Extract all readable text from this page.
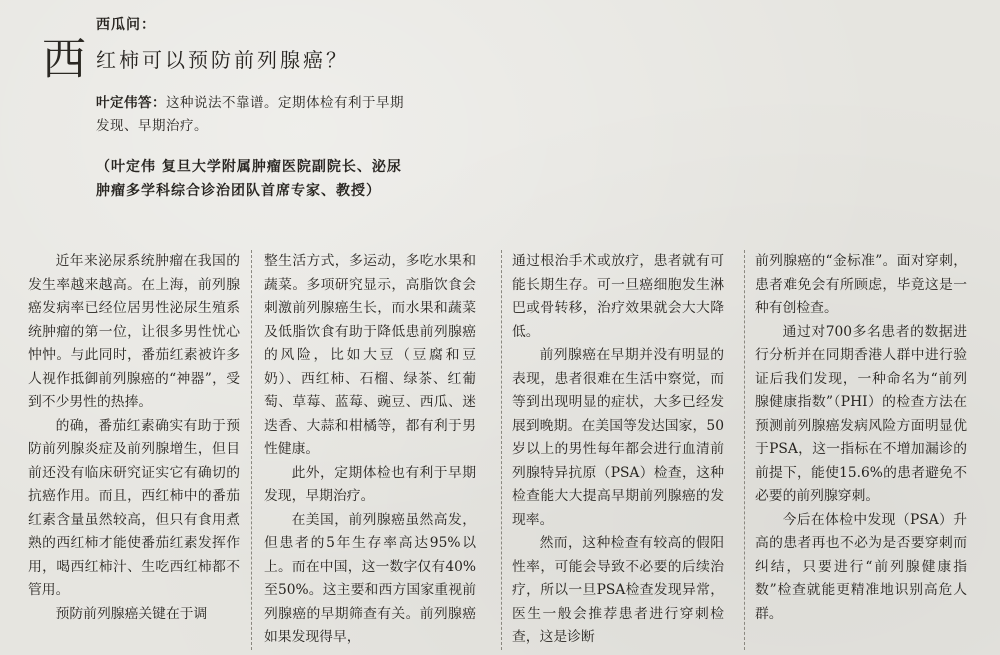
西
西瓜问：
红柿可以预防前列腺癌？
叶定伟答：这种说法不靠谱。定期体检有利于早期发现、早期治疗。
（叶定伟 复旦大学附属肿瘤医院副院长、泌尿肿瘤多学科综合诊治团队首席专家、教授）

近年来泌尿系统肿瘤在我国的发生率越来越高。在上海，前列腺癌发病率已经位居男性泌尿生殖系统肿瘤的第一位，让很多男性忧心忡忡。与此同时，番茄红素被许多人视作抵御前列腺癌的“神器”，受到不少男性的热捧。

的确，番茄红素确实有助于预防前列腺炎症及前列腺增生，但目前还没有临床研究证实它有确切的抗癌作用。而且，西红柿中的番茄红素含量虽然较高，但只有食用煮熟的西红柿才能使番茄红素发挥作用，喝西红柿汁、生吃西红柿都不管用。

预防前列腺癌关键在于调

整生活方式，多运动，多吃水果和蔬菜。多项研究显示，高脂饮食会刺激前列腺癌生长，而水果和蔬菜及低脂饮食有助于降低患前列腺癌的风险，比如大豆（豆腐和豆奶）、西红柿、石榴、绿茶、红葡萄、草莓、蓝莓、豌豆、西瓜、迷迭香、大蒜和柑橘等，都有利于男性健康。

此外，定期体检也有利于早期发现，早期治疗。

在美国，前列腺癌虽然高发，但患者的5年生存率高达95%以上。而在中国，这一数字仅有40%至50%。这主要和西方国家重视前列腺癌的早期筛查有关。前列腺癌如果发现得早，

通过根治手术或放疗，患者就有可能长期生存。可一旦癌细胞发生淋巴或骨转移，治疗效果就会大大降低。

前列腺癌在早期并没有明显的表现，患者很难在生活中察觉，而等到出现明显的症状，大多已经发展到晚期。在美国等发达国家，50岁以上的男性每年都会进行血清前列腺特异抗原（PSA）检查，这种检查能大大提高早期前列腺癌的发现率。

然而，这种检查有较高的假阳性率，可能会导致不必要的后续治疗，所以一旦PSA检查发现异常，医生一般会推荐患者进行穿刺检查，这是诊断

前列腺癌的“金标准”。面对穿刺，患者难免会有所顾虑，毕竟这是一种有创检查。

通过对700多名患者的数据进行分析并在同期香港人群中进行验证后我们发现，一种命名为“前列腺健康指数”（PHI）的检查方法在预测前列腺癌发病风险方面明显优于PSA，这一指标在不增加漏诊的前提下，能使15.6%的患者避免不必要的前列腺穿刺。

今后在体检中发现（PSA）升高的患者再也不必为是否要穿刺而纠结，只要进行“前列腺健康指数”检查就能更精准地识别高危人群。
